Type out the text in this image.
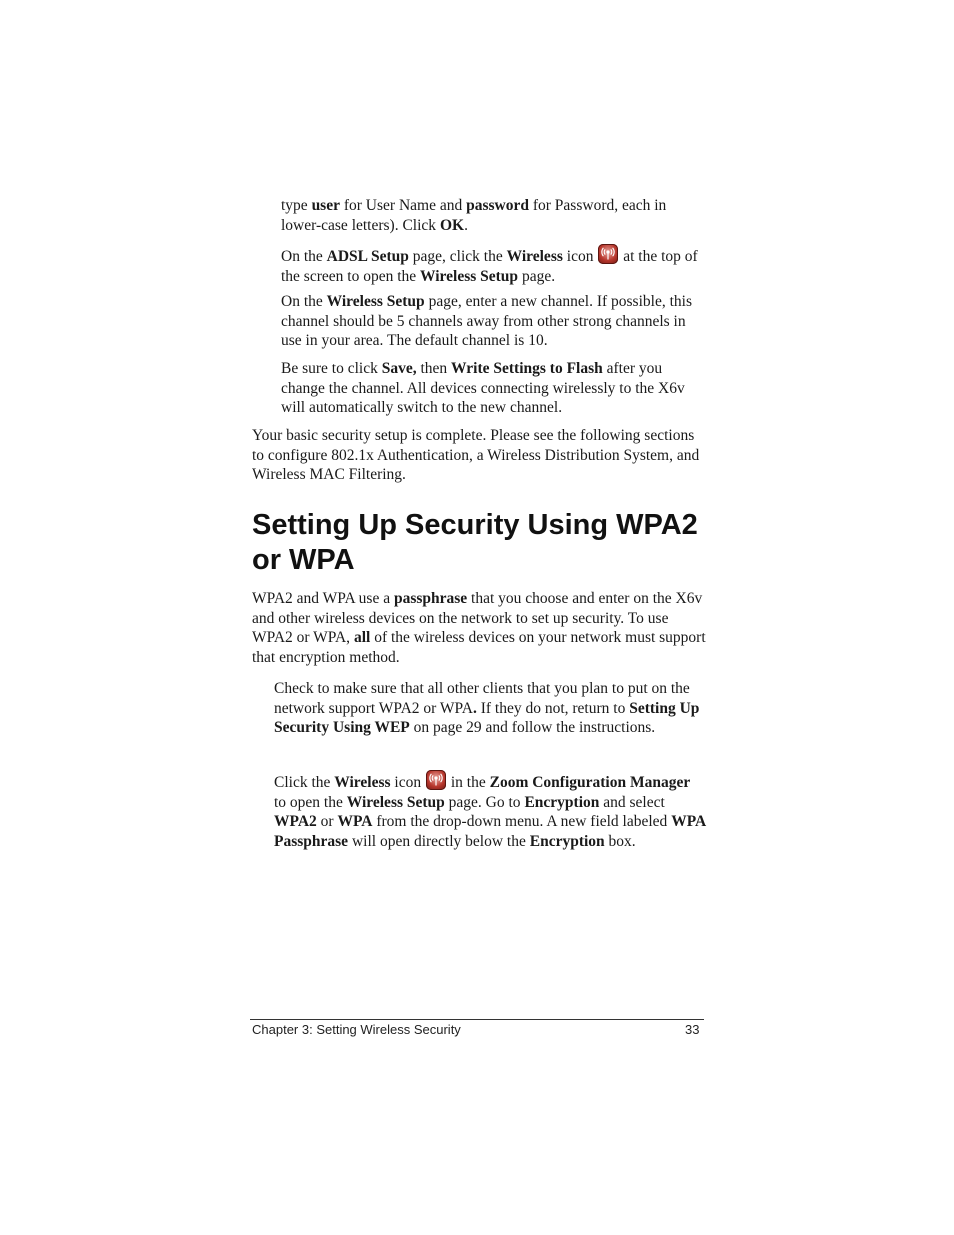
type user for User Name and password for Password, each in lower-case letters). Click OK.

On the ADSL Setup page, click the Wireless icon
at the top of the screen to open the Wireless Setup page.

On the Wireless Setup page, enter a new channel. If possible, this channel should be 5 channels away from other strong channels in use in your area. The default channel is 10.

Be sure to click Save, then Write Settings to Flash after you change the channel. All devices connecting wirelessly to the X6v will automatically switch to the new channel.

Your basic security setup is complete. Please see the following sections to configure 802.1x Authentication, a Wireless Distribution System, and Wireless MAC Filtering.

Setting Up Security Using WPA2 or WPA

WPA2 and WPA use a passphrase that you choose and enter on the X6v and other wireless devices on the network to set up security. To use WPA2 or WPA, all of the wireless devices on your network must support that encryption method.

Check to make sure that all other clients that you plan to put on the network support WPA2 or WPA. If they do not, return to Setting Up Security Using WEP on page 29 and follow the instructions.

Click the Wireless icon
in the Zoom Configuration Manager to open the Wireless Setup page. Go to Encryption and select WPA2 or WPA from the drop-down menu. A new field labeled WPA Passphrase will open directly below the Encryption box.

Chapter 3: Setting Wireless Security	33
